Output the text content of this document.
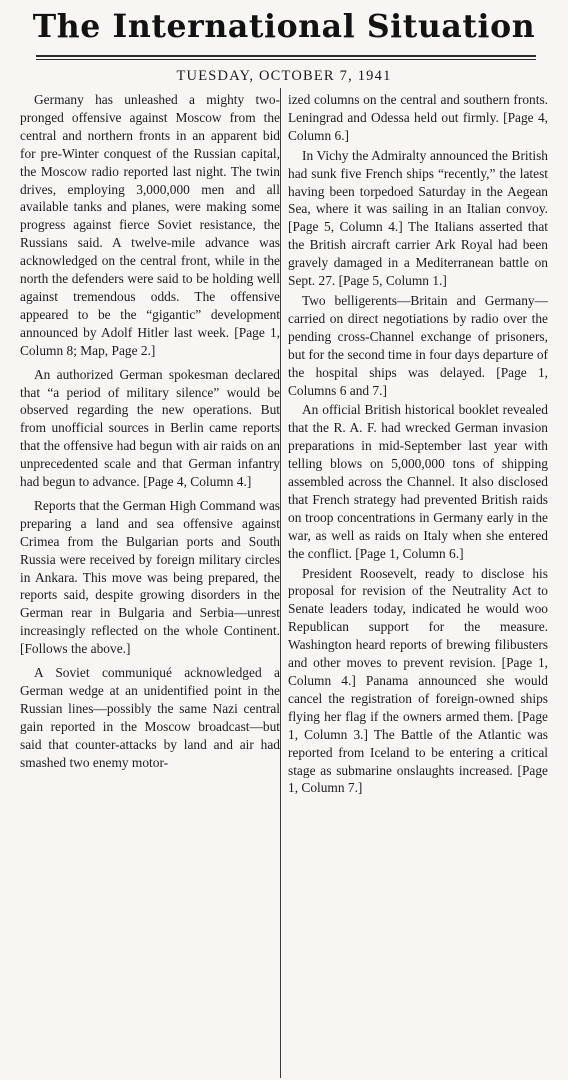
The International Situation

TUESDAY, OCTOBER 7, 1941

Germany has unleashed a mighty two-pronged offensive against Moscow from the central and northern fronts in an apparent bid for pre-Winter conquest of the Russian capital, the Moscow radio reported last night. The twin drives, employing 3,000,000 men and all available tanks and planes, were making some progress against fierce Soviet resistance, the Russians said. A twelve-mile advance was acknowledged on the central front, while in the north the defenders were said to be holding well against tremendous odds. The offensive appeared to be the “gigantic” development announced by Adolf Hitler last week. [Page 1, Column 8; Map, Page 2.]

An authorized German spokesman declared that “a period of military silence” would be observed regarding the new operations. But from unofficial sources in Berlin came reports that the offensive had begun with air raids on an unprecedented scale and that German infantry had begun to advance. [Page 4, Column 4.]

Reports that the German High Command was preparing a land and sea offensive against Crimea from the Bulgarian ports and South Russia were received by foreign military circles in Ankara. This move was being prepared, the reports said, despite growing disorders in the German rear in Bulgaria and Serbia—unrest increasingly reflected on the whole Continent. [Follows the above.]

A Soviet communiqué acknowledged a German wedge at an unidentified point in the Russian lines—possibly the same Nazi central gain reported in the Moscow broadcast—but said that counter-attacks by land and air had smashed two enemy motor-

ized columns on the central and southern fronts. Leningrad and Odessa held out firmly. [Page 4, Column 6.]

In Vichy the Admiralty announced the British had sunk five French ships “recently,” the latest having been torpedoed Saturday in the Aegean Sea, where it was sailing in an Italian convoy. [Page 5, Column 4.] The Italians asserted that the British aircraft carrier Ark Royal had been gravely damaged in a Mediterranean battle on Sept. 27. [Page 5, Column 1.]

Two belligerents—Britain and Germany—carried on direct negotiations by radio over the pending cross-Channel exchange of prisoners, but for the second time in four days departure of the hospital ships was delayed. [Page 1, Columns 6 and 7.]

An official British historical booklet revealed that the R. A. F. had wrecked German invasion preparations in mid-September last year with telling blows on 5,000,000 tons of shipping assembled across the Channel. It also disclosed that French strategy had prevented British raids on troop concentrations in Germany early in the war, as well as raids on Italy when she entered the conflict. [Page 1, Column 6.]

President Roosevelt, ready to disclose his proposal for revision of the Neutrality Act to Senate leaders today, indicated he would woo Republican support for the measure. Washington heard reports of brewing filibusters and other moves to prevent revision. [Page 1, Column 4.] Panama announced she would cancel the registration of foreign-owned ships flying her flag if the owners armed them. [Page 1, Column 3.] The Battle of the Atlantic was reported from Iceland to be entering a critical stage as submarine onslaughts increased. [Page 1, Column 7.]
